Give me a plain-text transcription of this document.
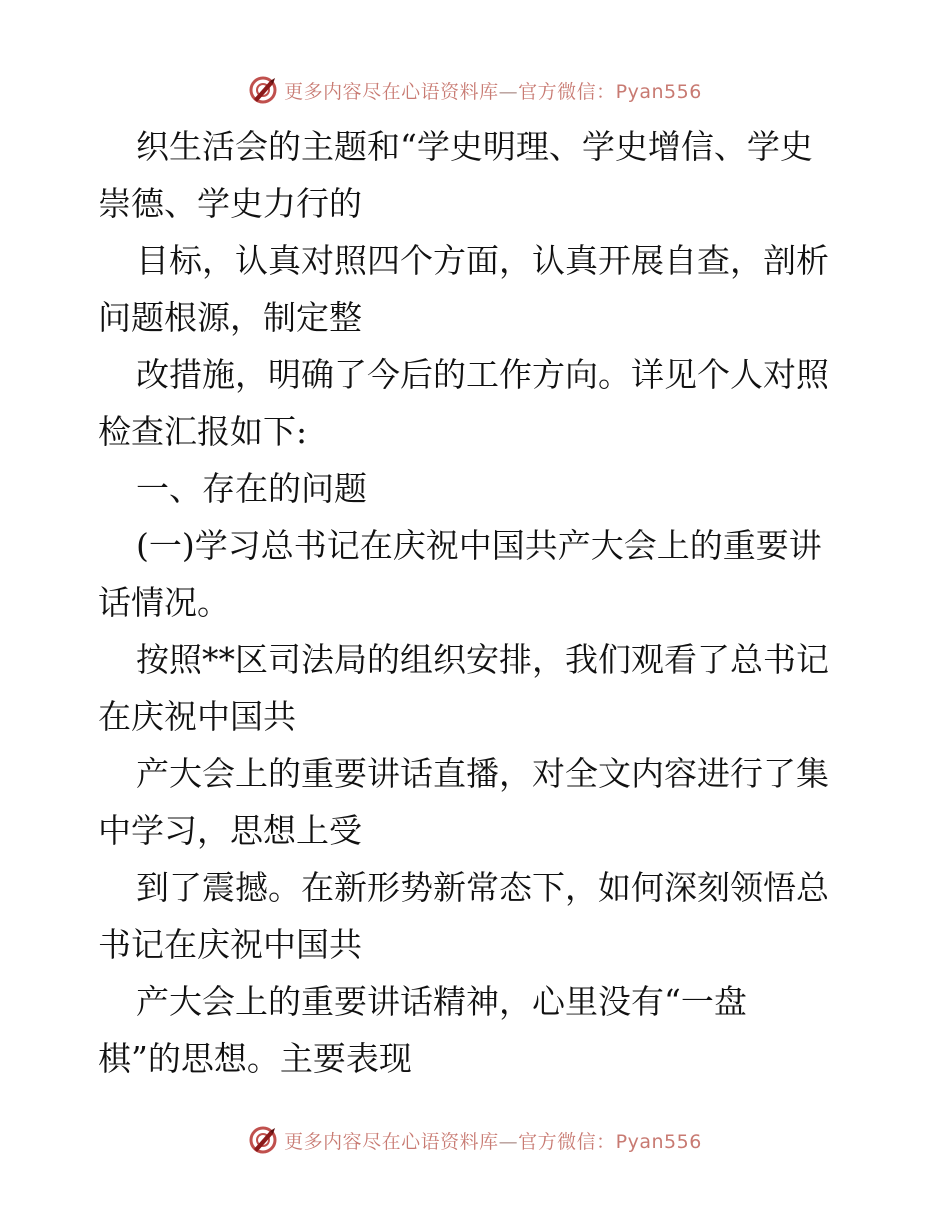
更多内容尽在心语资料库—官方微信：Pyan556
织生活会的主题和“学史明理、学史增信、学史
崇德、学史力行的
目标，认真对照四个方面，认真开展自查，剖析
问题根源，制定整
改措施，明确了今后的工作方向。详见个人对照
检查汇报如下:
一、存在的问题
(一)学习总书记在庆祝中国共产大会上的重要讲
话情况。
按照**区司法局的组织安排，我们观看了总书记
在庆祝中国共
产大会上的重要讲话直播，对全文内容进行了集
中学习，思想上受
到了震撼。在新形势新常态下，如何深刻领悟总
书记在庆祝中国共
产大会上的重要讲话精神，心里没有“一盘
棋”的思想。主要表现
更多内容尽在心语资料库—官方微信：Pyan556
